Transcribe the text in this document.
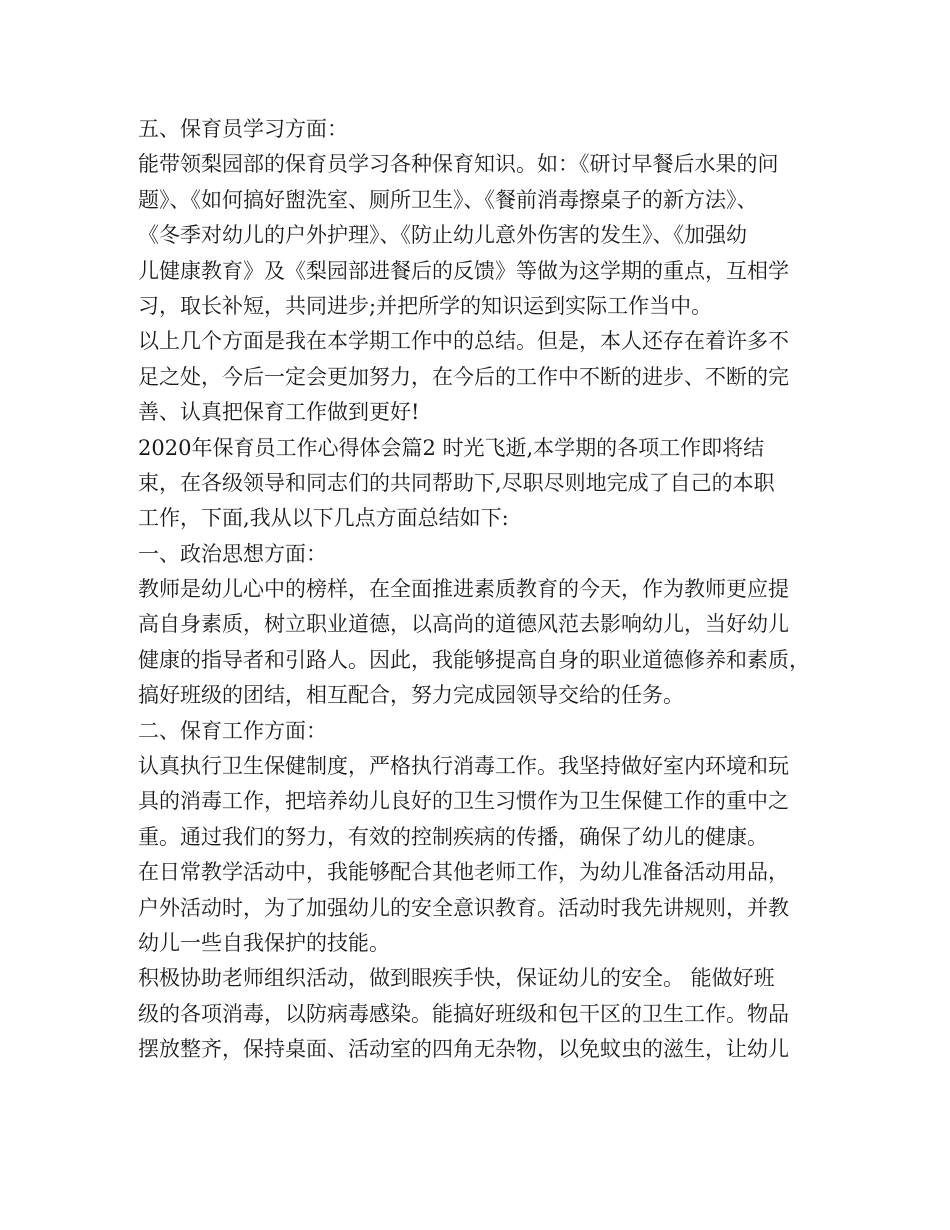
五、保育员学习方面：
能带领梨园部的保育员学习各种保育知识。如：《研讨早餐后水果的问
题》、《如何搞好盥洗室、厕所卫生》、《餐前消毒擦桌子的新方法》、
《冬季对幼儿的户外护理》、《防止幼儿意外伤害的发生》、《加强幼
儿健康教育》及《梨园部进餐后的反馈》等做为这学期的重点，互相学
习，取长补短，共同进步;并把所学的知识运到实际工作当中。
以上几个方面是我在本学期工作中的总结。但是，本人还存在着许多不
足之处，今后一定会更加努力，在今后的工作中不断的进步、不断的完
善、认真把保育工作做到更好!
2020年保育员工作心得体会篇2 时光飞逝,本学期的各项工作即将结
束，在各级领导和同志们的共同帮助下,尽职尽则地完成了自己的本职
工作，下面,我从以下几点方面总结如下:
一、政治思想方面：
教师是幼儿心中的榜样，在全面推进素质教育的今天，作为教师更应提
高自身素质，树立职业道德，以高尚的道德风范去影响幼儿，当好幼儿
健康的指导者和引路人。因此，我能够提高自身的职业道德修养和素质，
搞好班级的团结，相互配合，努力完成园领导交给的任务。
二、保育工作方面：
认真执行卫生保健制度，严格执行消毒工作。我坚持做好室内环境和玩
具的消毒工作，把培养幼儿良好的卫生习惯作为卫生保健工作的重中之
重。通过我们的努力，有效的控制疾病的传播，确保了幼儿的健康。
在日常教学活动中，我能够配合其他老师工作，为幼儿准备活动用品，
户外活动时，为了加强幼儿的安全意识教育。活动时我先讲规则，并教
幼儿一些自我保护的技能。
积极协助老师组织活动，做到眼疾手快，保证幼儿的安全。 能做好班
级的各项消毒，以防病毒感染。能搞好班级和包干区的卫生工作。物品
摆放整齐，保持桌面、活动室的四角无杂物，以免蚊虫的滋生，让幼儿
